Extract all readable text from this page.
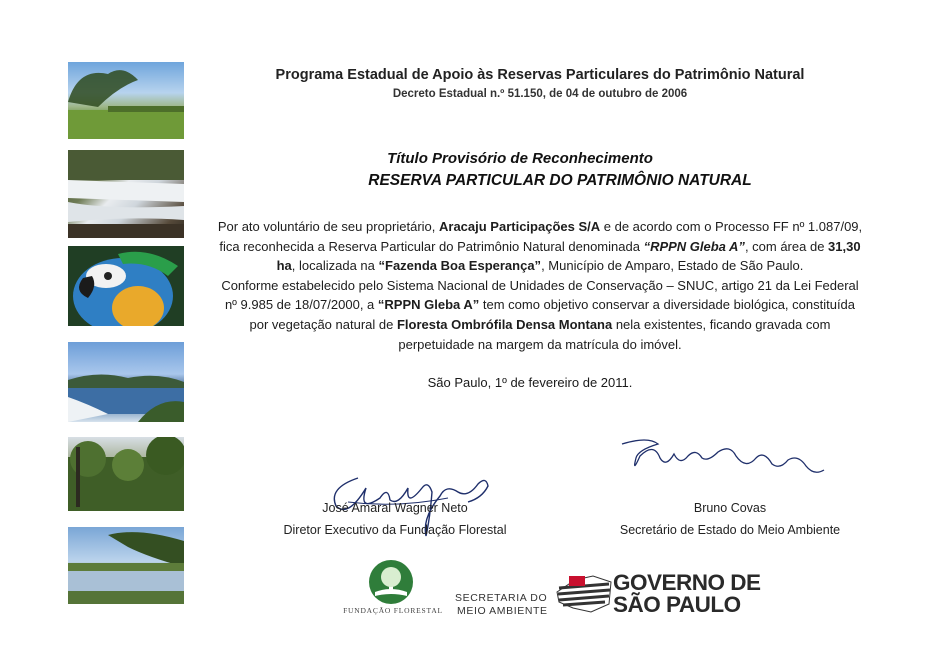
Programa Estadual de Apoio às Reservas Particulares do Patrimônio Natural
Decreto Estadual n.º 51.150, de 04 de outubro de 2006
Título Provisório de Reconhecimento
RESERVA PARTICULAR DO PATRIMÔNIO NATURAL
Por ato voluntário de seu proprietário, Aracaju Participações S/A e de acordo com o Processo FF nº 1.087/09,
fica reconhecida a Reserva Particular do Patrimônio Natural denominada “RPPN Gleba A”, com área de 31,30
ha, localizada na “Fazenda Boa Esperança”, Município de Amparo, Estado de São Paulo.
Conforme estabelecido pelo Sistema Nacional de Unidades de Conservação – SNUC, artigo 21 da Lei Federal
nº 9.985 de 18/07/2000, a “RPPN Gleba A” tem como objetivo conservar a diversidade biológica, constituída
por vegetação natural de Floresta Ombrófila Densa Montana nela existentes, ficando gravada com
perpetuidade na margem da matrícula do imóvel.
São Paulo, 1º de fevereiro de 2011.
José Amaral Wagner Neto
Diretor Executivo da Fundação Florestal
Bruno Covas
Secretário de Estado do Meio Ambiente
FUNDAÇÃO FLORESTAL
SECRETARIA DO
MEIO AMBIENTE
GOVERNO DE
SÃO PAULO
